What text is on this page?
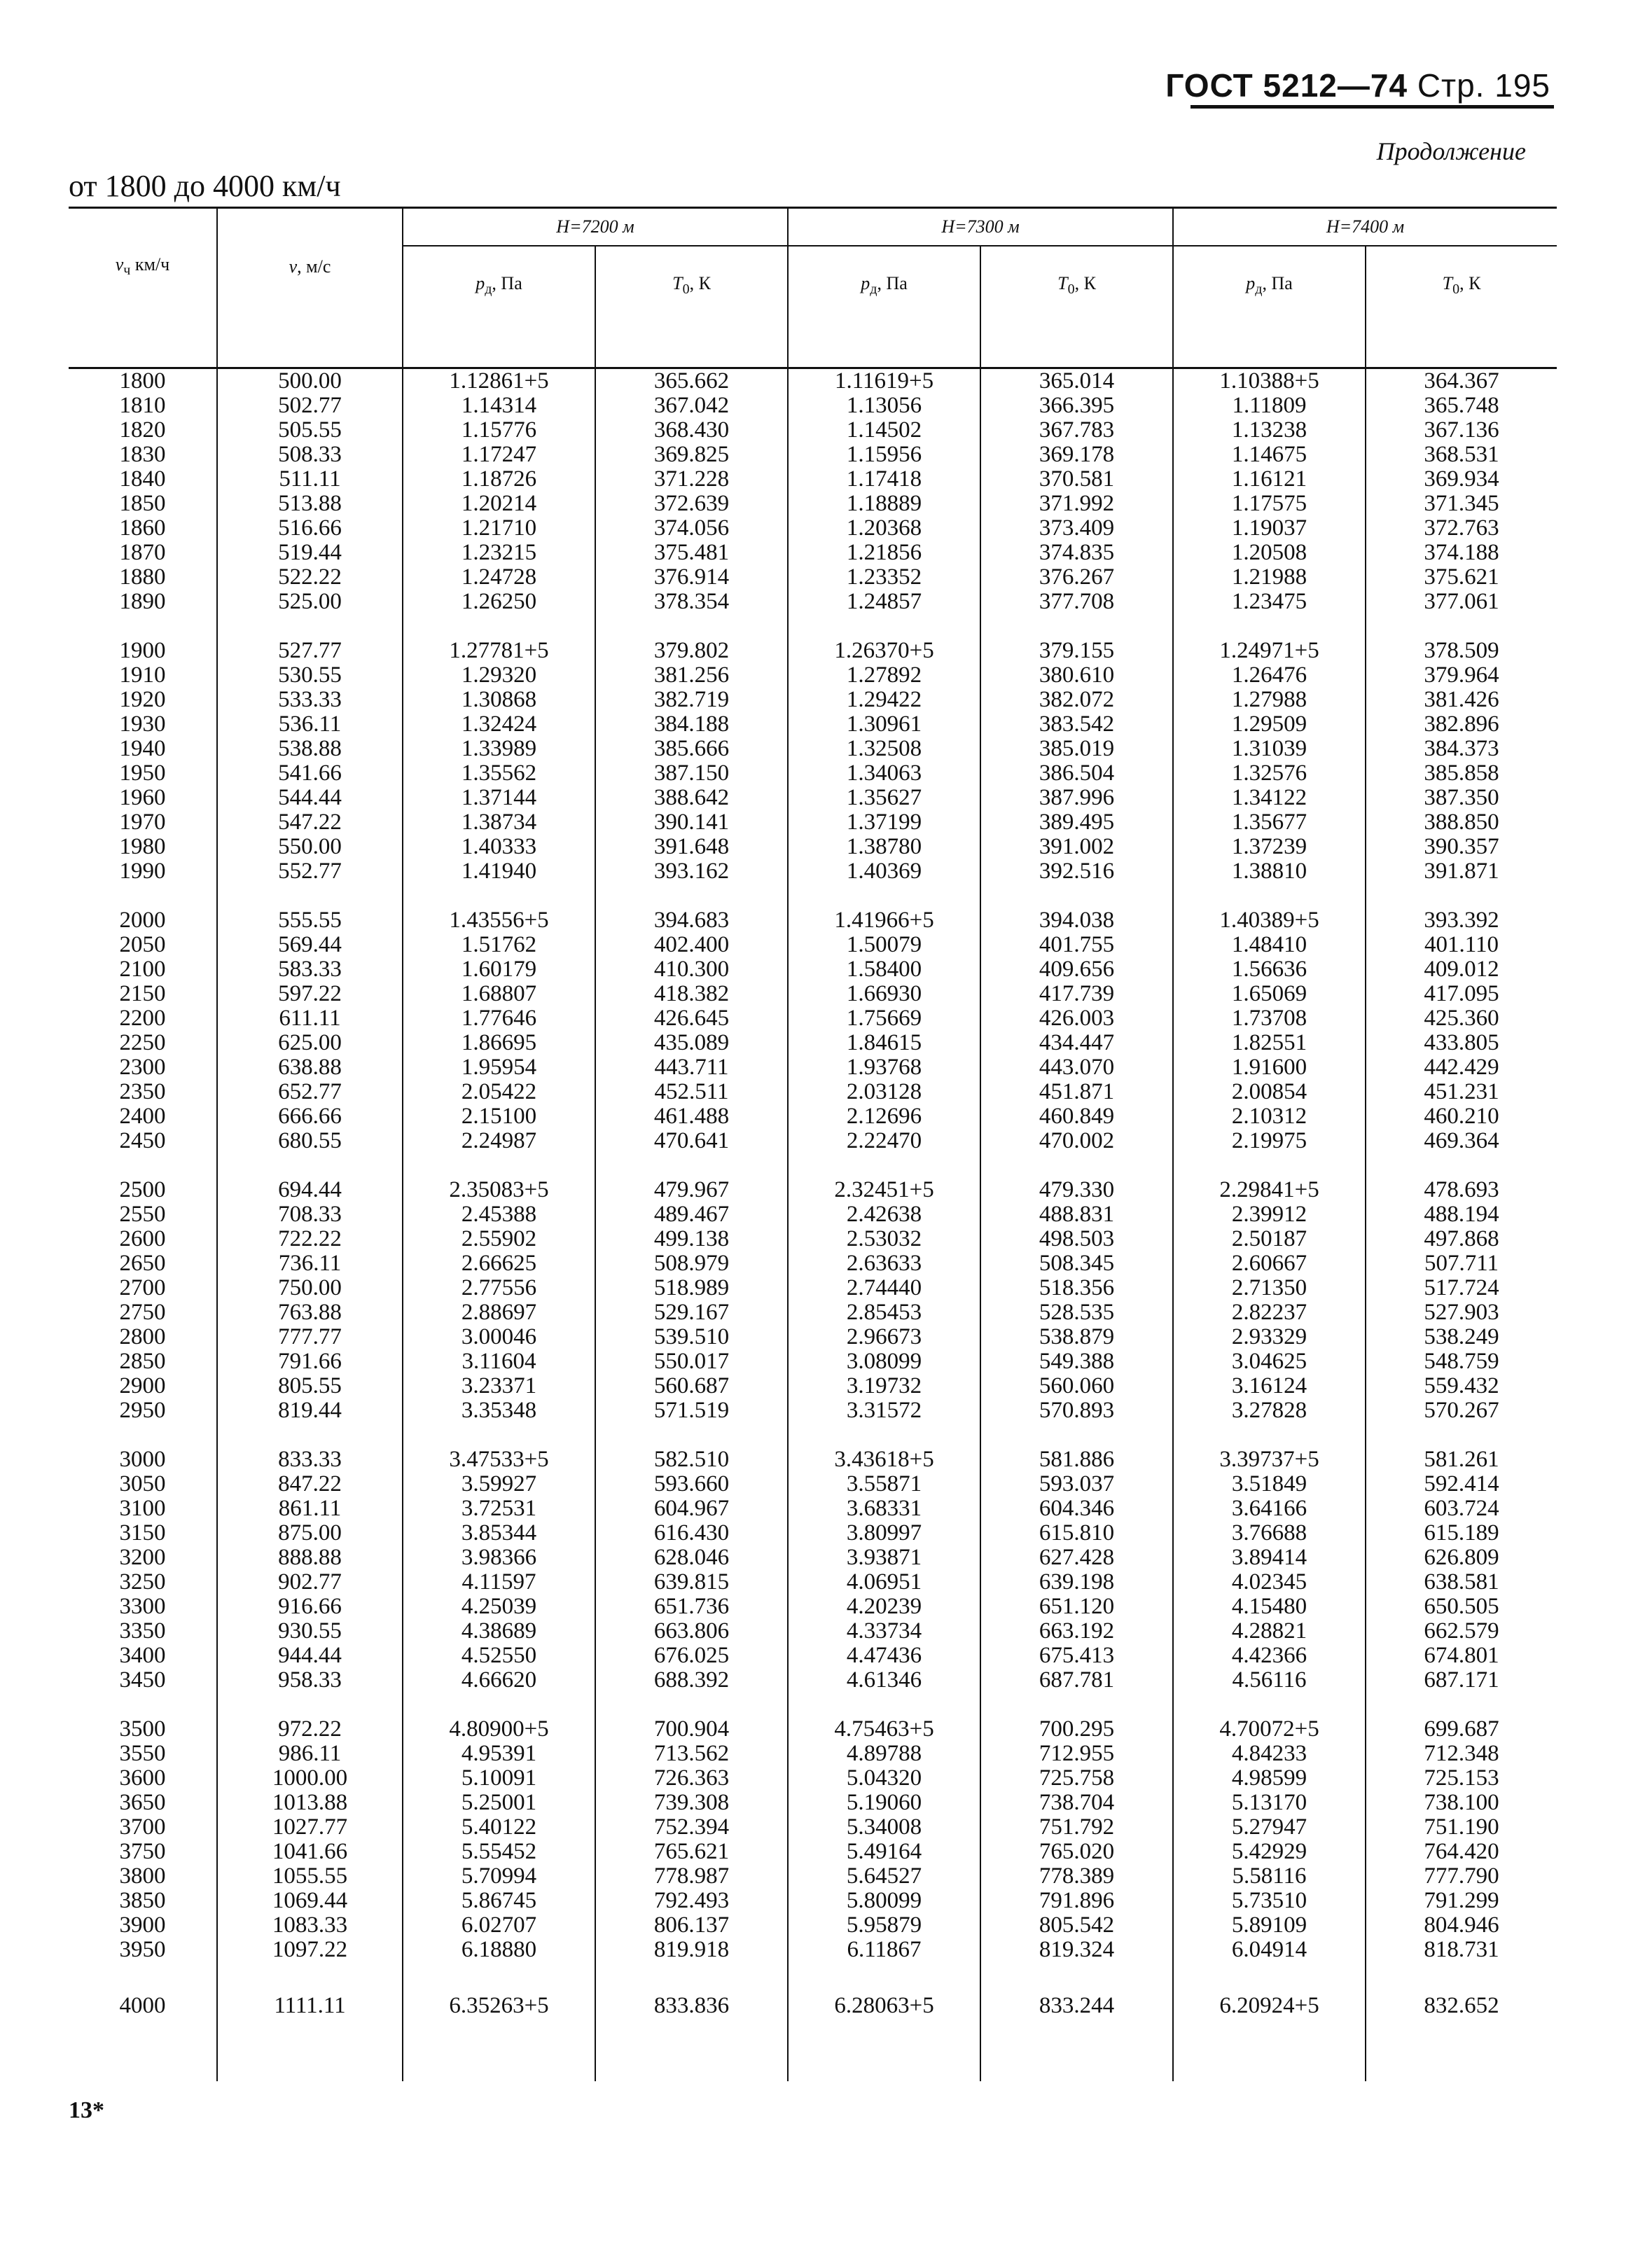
ГОСТ 5212—74 Стр. 195
Продолжение
от 1800 до 4000 км/ч
$v_ч$ км/ч	v, м/с	H=7200 м		H=7300 м		H=7400 м	
		$p_д$, Па	$T_0$, К	$p_д$, Па	$T_0$, К	$p_д$, Па	$T_0$, К

1800	500.00	1.12861+5	365.662	1.11619+5	365.014	1.10388+5	364.367
1810	502.77	1.14314	367.042	1.13056	366.395	1.11809	365.748
1820	505.55	1.15776	368.430	1.14502	367.783	1.13238	367.136
1830	508.33	1.17247	369.825	1.15956	369.178	1.14675	368.531
1840	511.11	1.18726	371.228	1.17418	370.581	1.16121	369.934
1850	513.88	1.20214	372.639	1.18889	371.992	1.17575	371.345
1860	516.66	1.21710	374.056	1.20368	373.409	1.19037	372.763
1870	519.44	1.23215	375.481	1.21856	374.835	1.20508	374.188
1880	522.22	1.24728	376.914	1.23352	376.267	1.21988	375.621
1890	525.00	1.26250	378.354	1.24857	377.708	1.23475	377.061

1900	527.77	1.27781+5	379.802	1.26370+5	379.155	1.24971+5	378.509
1910	530.55	1.29320	381.256	1.27892	380.610	1.26476	379.964
1920	533.33	1.30868	382.719	1.29422	382.072	1.27988	381.426
1930	536.11	1.32424	384.188	1.30961	383.542	1.29509	382.896
1940	538.88	1.33989	385.666	1.32508	385.019	1.31039	384.373
1950	541.66	1.35562	387.150	1.34063	386.504	1.32576	385.858
1960	544.44	1.37144	388.642	1.35627	387.996	1.34122	387.350
1970	547.22	1.38734	390.141	1.37199	389.495	1.35677	388.850
1980	550.00	1.40333	391.648	1.38780	391.002	1.37239	390.357
1990	552.77	1.41940	393.162	1.40369	392.516	1.38810	391.871

2000	555.55	1.43556+5	394.683	1.41966+5	394.038	1.40389+5	393.392
2050	569.44	1.51762	402.400	1.50079	401.755	1.48410	401.110
2100	583.33	1.60179	410.300	1.58400	409.656	1.56636	409.012
2150	597.22	1.68807	418.382	1.66930	417.739	1.65069	417.095
2200	611.11	1.77646	426.645	1.75669	426.003	1.73708	425.360
2250	625.00	1.86695	435.089	1.84615	434.447	1.82551	433.805
2300	638.88	1.95954	443.711	1.93768	443.070	1.91600	442.429
2350	652.77	2.05422	452.511	2.03128	451.871	2.00854	451.231
2400	666.66	2.15100	461.488	2.12696	460.849	2.10312	460.210
2450	680.55	2.24987	470.641	2.22470	470.002	2.19975	469.364

2500	694.44	2.35083+5	479.967	2.32451+5	479.330	2.29841+5	478.693
2550	708.33	2.45388	489.467	2.42638	488.831	2.39912	488.194
2600	722.22	2.55902	499.138	2.53032	498.503	2.50187	497.868
2650	736.11	2.66625	508.979	2.63633	508.345	2.60667	507.711
2700	750.00	2.77556	518.989	2.74440	518.356	2.71350	517.724
2750	763.88	2.88697	529.167	2.85453	528.535	2.82237	527.903
2800	777.77	3.00046	539.510	2.96673	538.879	2.93329	538.249
2850	791.66	3.11604	550.017	3.08099	549.388	3.04625	548.759
2900	805.55	3.23371	560.687	3.19732	560.060	3.16124	559.432
2950	819.44	3.35348	571.519	3.31572	570.893	3.27828	570.267

3000	833.33	3.47533+5	582.510	3.43618+5	581.886	3.39737+5	581.261
3050	847.22	3.59927	593.660	3.55871	593.037	3.51849	592.414
3100	861.11	3.72531	604.967	3.68331	604.346	3.64166	603.724
3150	875.00	3.85344	616.430	3.80997	615.810	3.76688	615.189
3200	888.88	3.98366	628.046	3.93871	627.428	3.89414	626.809
3250	902.77	4.11597	639.815	4.06951	639.198	4.02345	638.581
3300	916.66	4.25039	651.736	4.20239	651.120	4.15480	650.505
3350	930.55	4.38689	663.806	4.33734	663.192	4.28821	662.579
3400	944.44	4.52550	676.025	4.47436	675.413	4.42366	674.801
3450	958.33	4.66620	688.392	4.61346	687.781	4.56116	687.171

3500	972.22	4.80900+5	700.904	4.75463+5	700.295	4.70072+5	699.687
3550	986.11	4.95391	713.562	4.89788	712.955	4.84233	712.348
3600	1000.00	5.10091	726.363	5.04320	725.758	4.98599	725.153
3650	1013.88	5.25001	739.308	5.19060	738.704	5.13170	738.100
3700	1027.77	5.40122	752.394	5.34008	751.792	5.27947	751.190
3750	1041.66	5.55452	765.621	5.49164	765.020	5.42929	764.420
3800	1055.55	5.70994	778.987	5.64527	778.389	5.58116	777.790
3850	1069.44	5.86745	792.493	5.80099	791.896	5.73510	791.299
3900	1083.33	6.02707	806.137	5.95879	805.542	5.89109	804.946
3950	1097.22	6.18880	819.918	6.11867	819.324	6.04914	818.731

4000	1111.11	6.35263+5	833.836	6.28063+5	833.244	6.20924+5	832.652

13*
